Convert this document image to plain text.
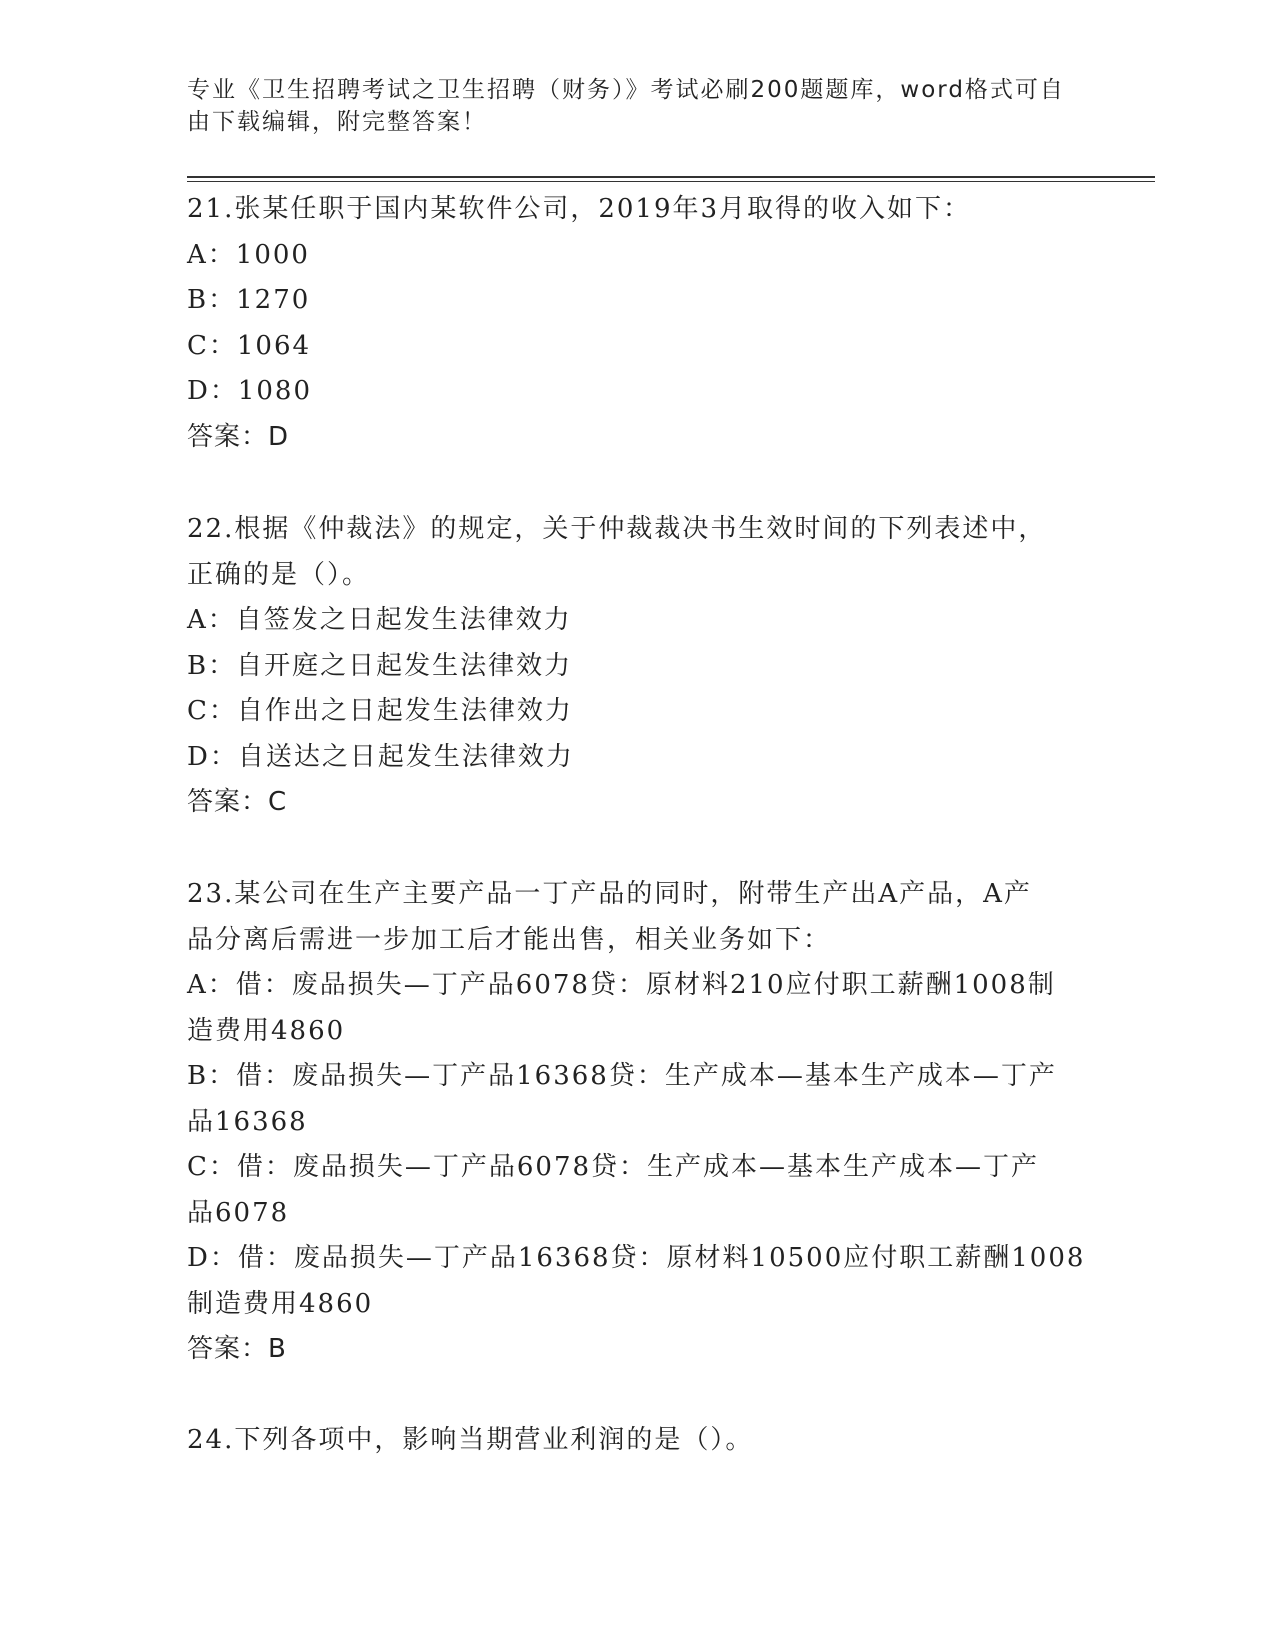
专业《卫生招聘考试之卫生招聘（财务）》考试必刷200题题库，word格式可自
由下载编辑，附完整答案！
21.张某任职于国内某软件公司，2019年3月取得的收入如下：
A：1000
B：1270
C：1064
D：1080
答案：D
22.根据《仲裁法》的规定，关于仲裁裁决书生效时间的下列表述中，
正确的是（）。
A：自签发之日起发生法律效力
B：自开庭之日起发生法律效力
C：自作出之日起发生法律效力
D：自送达之日起发生法律效力
答案：C
23.某公司在生产主要产品一丁产品的同时，附带生产出A产品，A产
品分离后需进一步加工后才能出售，相关业务如下：
A：借：废品损失—丁产品6078贷：原材料210应付职工薪酬1008制
造费用4860
B：借：废品损失—丁产品16368贷：生产成本—基本生产成本—丁产
品16368
C：借：废品损失—丁产品6078贷：生产成本—基本生产成本—丁产
品6078
D：借：废品损失—丁产品16368贷：原材料10500应付职工薪酬1008
制造费用4860
答案：B
24.下列各项中，影响当期营业利润的是（）。
